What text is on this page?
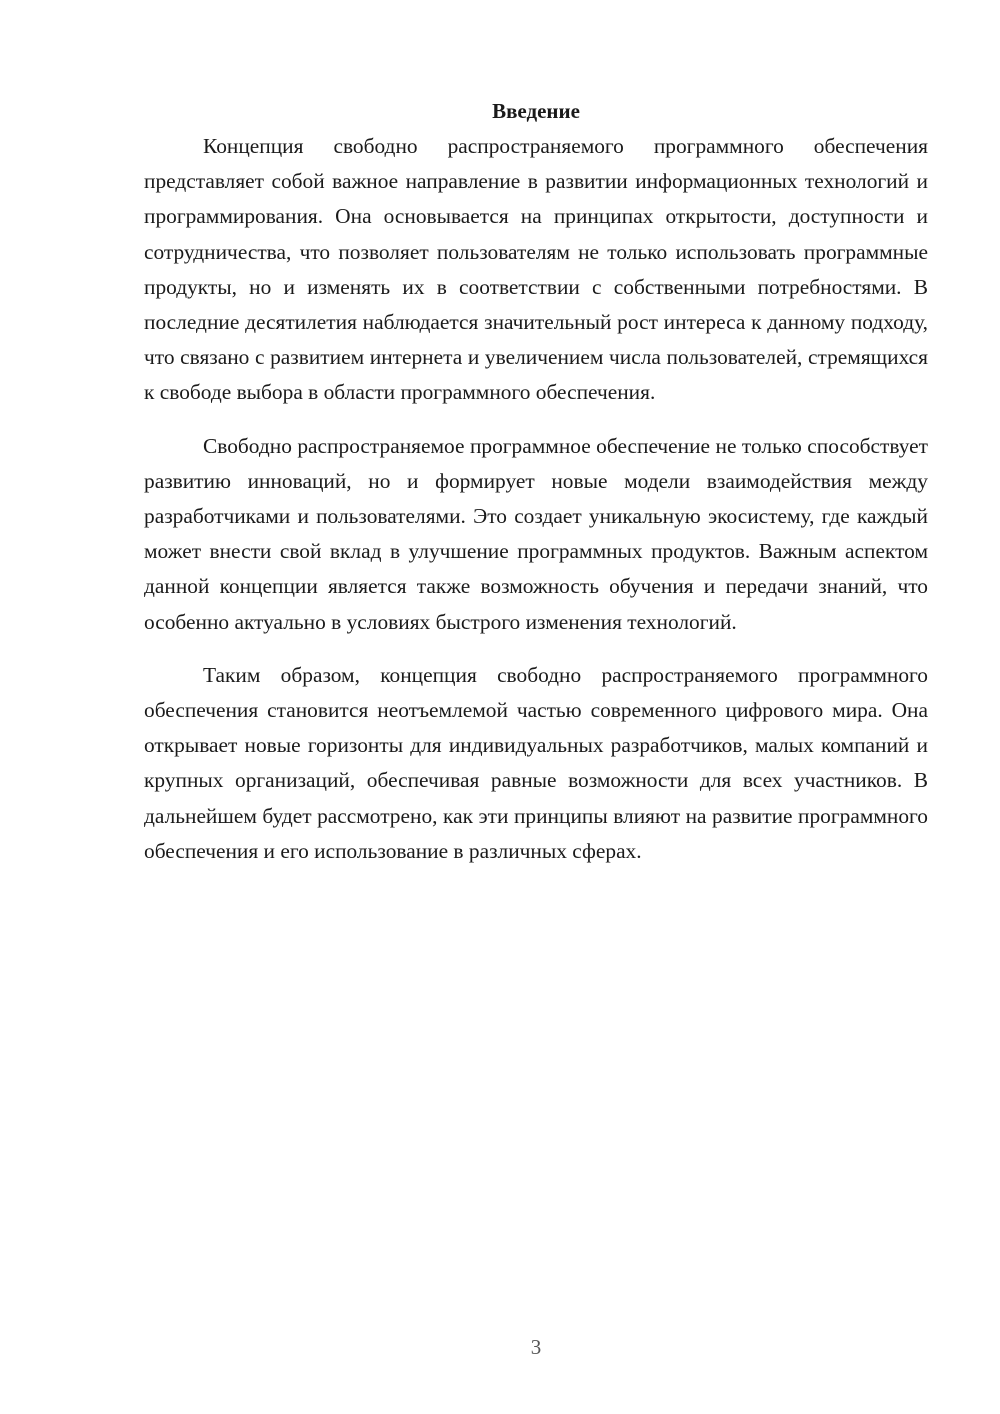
Введение

Концепция свободно распространяемого программного обеспечения представляет собой важное направление в развитии информационных технологий и программирования. Она основывается на принципах открытости, доступности и сотрудничества, что позволяет пользователям не только использовать программные продукты, но и изменять их в соответствии с собственными потребностями. В последние десятилетия наблюдается значительный рост интереса к данному подходу, что связано с развитием интернета и увеличением числа пользователей, стремящихся к свободе выбора в области программного обеспечения.

Свободно распространяемое программное обеспечение не только способствует развитию инноваций, но и формирует новые модели взаимодействия между разработчиками и пользователями. Это создает уникальную экосистему, где каждый может внести свой вклад в улучшение программных продуктов. Важным аспектом данной концепции является также возможность обучения и передачи знаний, что особенно актуально в условиях быстрого изменения технологий.

Таким образом, концепция свободно распространяемого программного обеспечения становится неотъемлемой частью современного цифрового мира. Она открывает новые горизонты для индивидуальных разработчиков, малых компаний и крупных организаций, обеспечивая равные возможности для всех участников. В дальнейшем будет рассмотрено, как эти принципы влияют на развитие программного обеспечения и его использование в различных сферах.

3
